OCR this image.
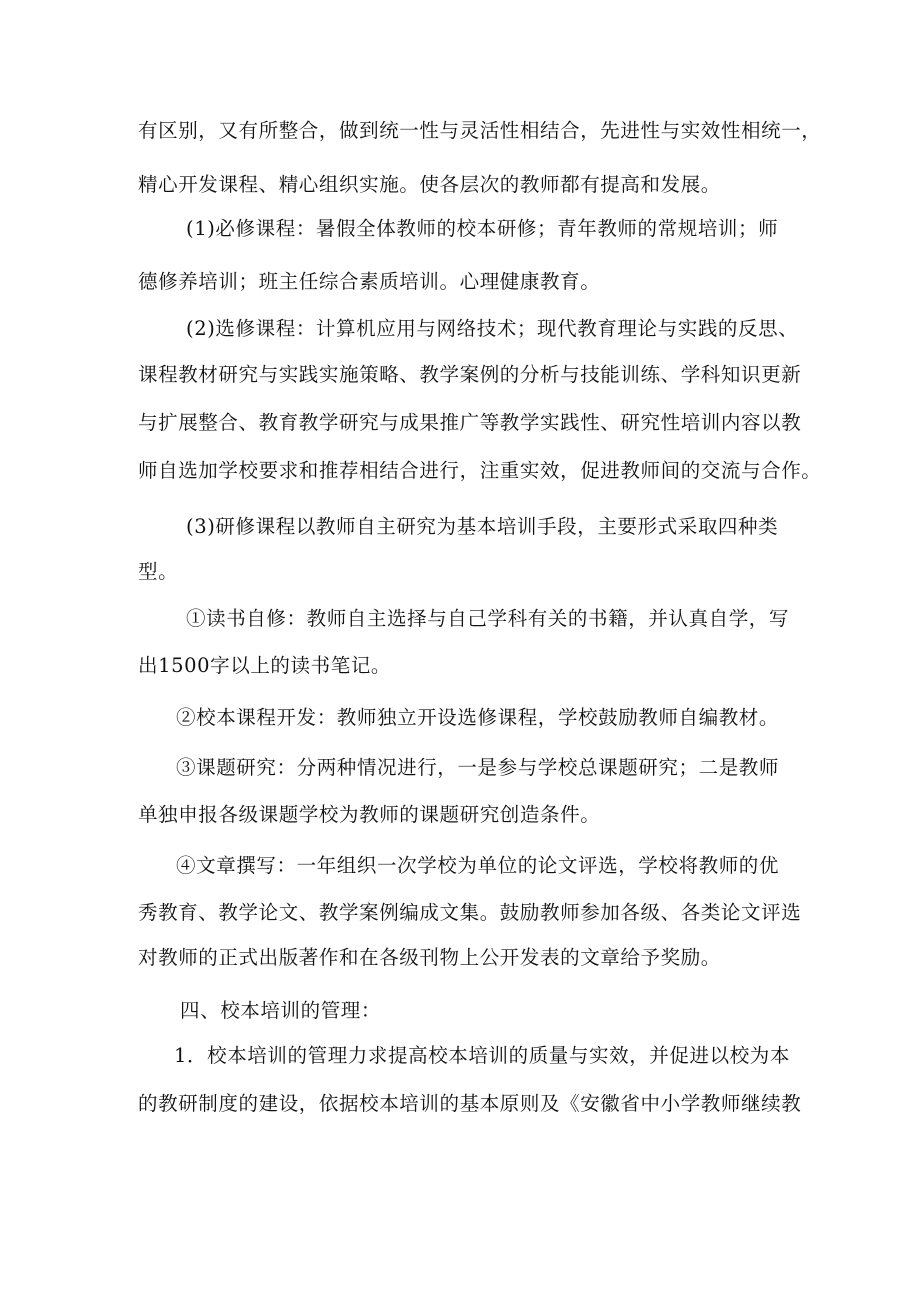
有区别，又有所整合，做到统一性与灵活性相结合，先进性与实效性相统一，
精心开发课程、精心组织实施。使各层次的教师都有提高和发展。
(1)必修课程：暑假全体教师的校本研修；青年教师的常规培训；师
德修养培训；班主任综合素质培训。心理健康教育。
(2)选修课程：计算机应用与网络技术；现代教育理论与实践的反思、
课程教材研究与实践实施策略、教学案例的分析与技能训练、学科知识更新
与扩展整合、教育教学研究与成果推广等教学实践性、研究性培训内容以教
师自选加学校要求和推荐相结合进行，注重实效，促进教师间的交流与合作。
(3)研修课程以教师自主研究为基本培训手段，主要形式采取四种类
型。
①读书自修：教师自主选择与自己学科有关的书籍，并认真自学，写
出1500字以上的读书笔记。
②校本课程开发：教师独立开设选修课程，学校鼓励教师自编教材。
③课题研究：分两种情况进行，一是参与学校总课题研究；二是教师
单独申报各级课题学校为教师的课题研究创造条件。
④文章撰写：一年组织一次学校为单位的论文评选，学校将教师的优
秀教育、教学论文、教学案例编成文集。鼓励教师参加各级、各类论文评选
对教师的正式出版著作和在各级刊物上公开发表的文章给予奖励。
四、校本培训的管理：
1．校本培训的管理力求提高校本培训的质量与实效，并促进以校为本
的教研制度的建设，依据校本培训的基本原则及《安徽省中小学教师继续教
